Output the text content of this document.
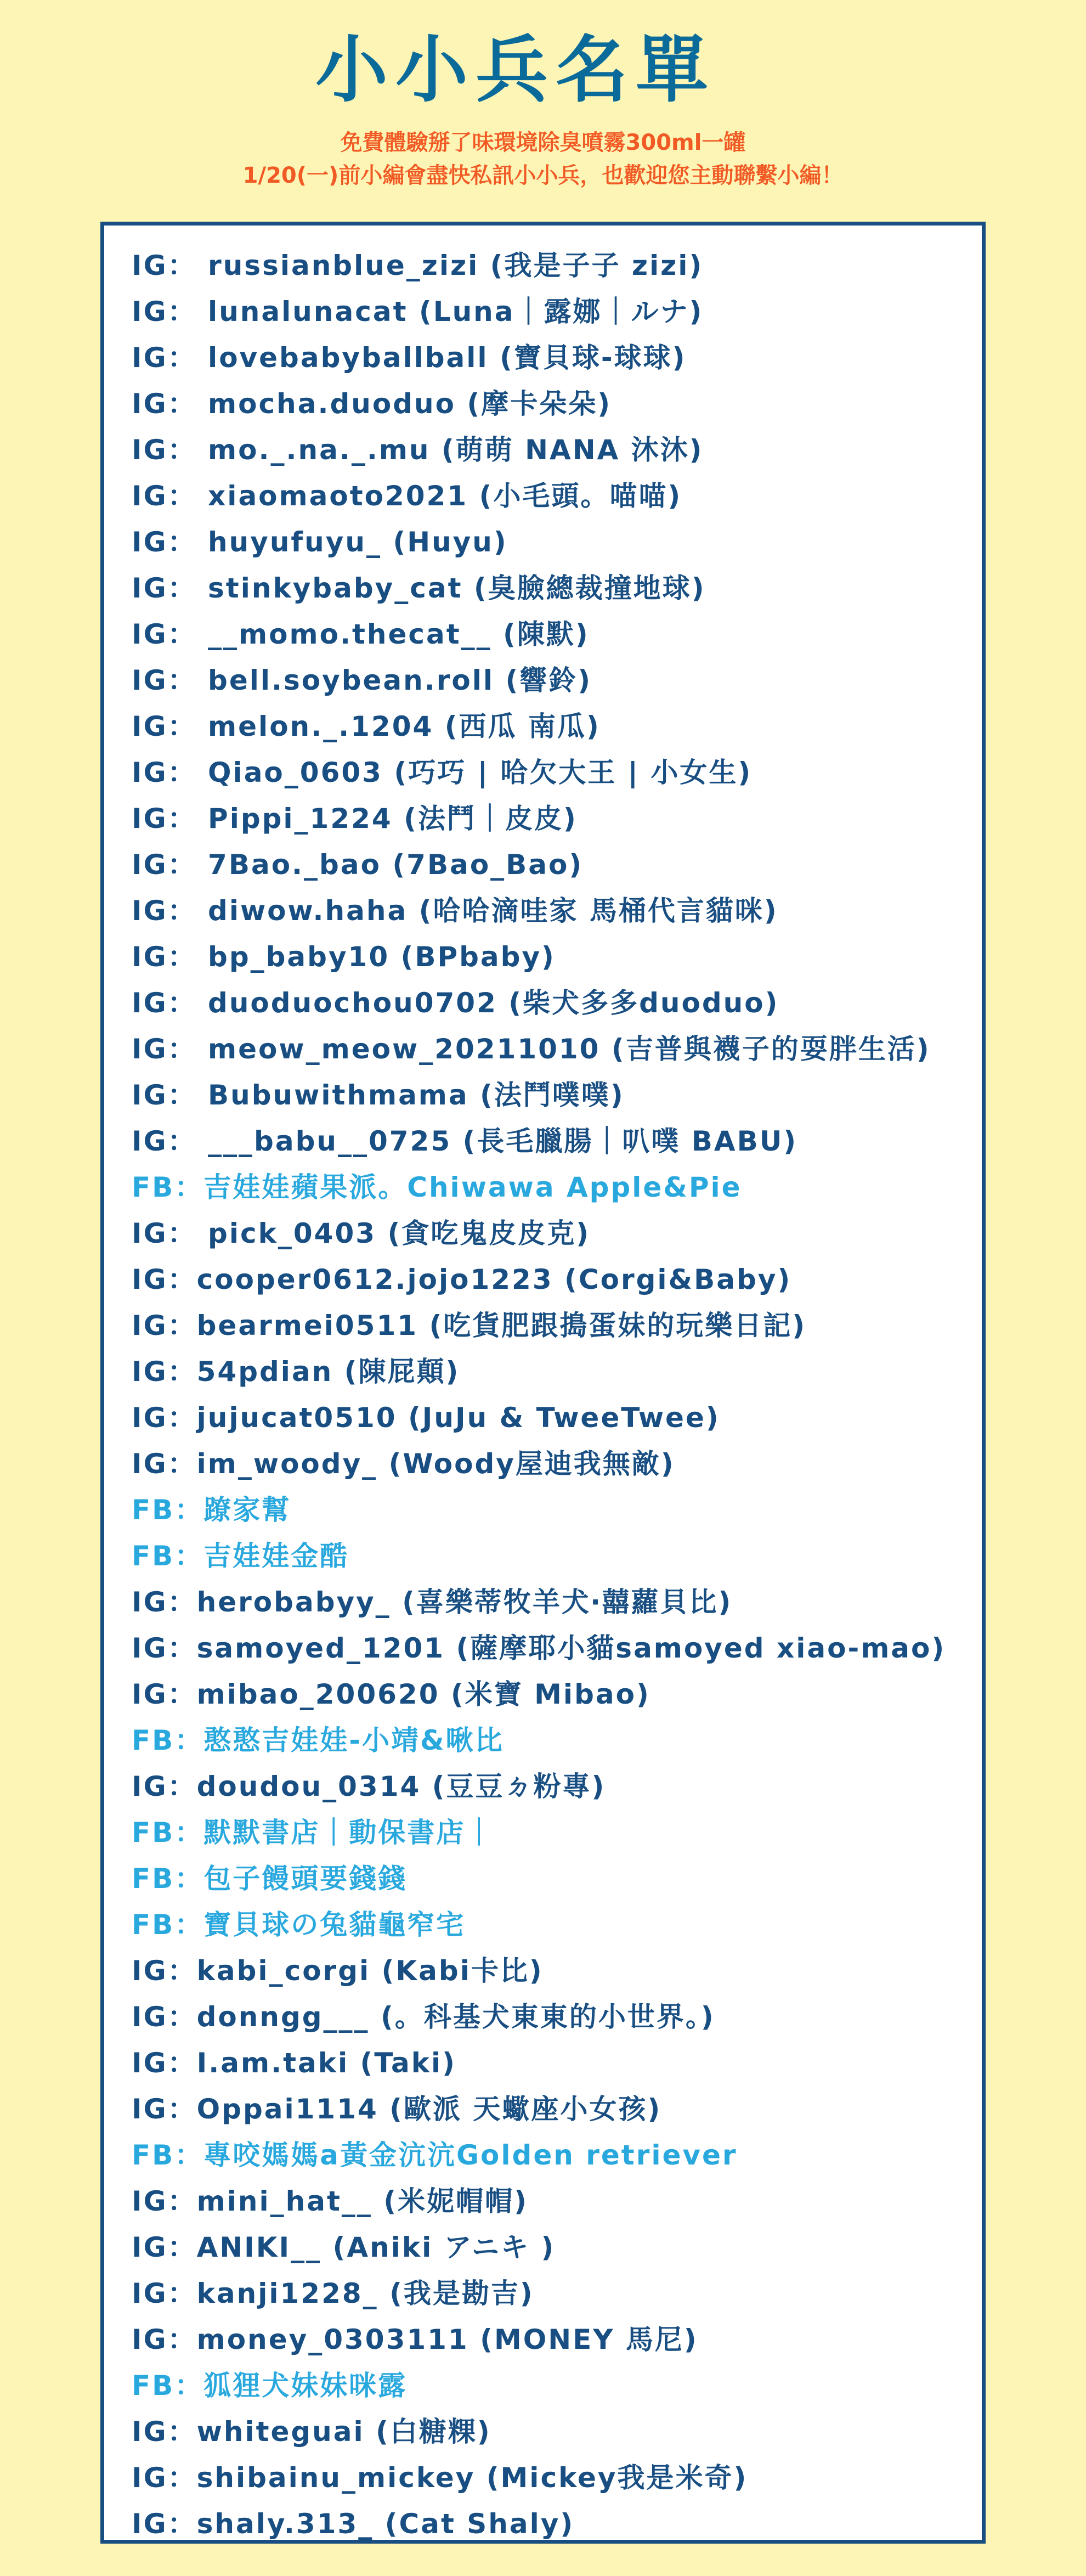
小小兵名單
免費體驗掰了味環境除臭噴霧300ml一罐
1/20(一)前小編會盡快私訊小小兵，也歡迎您主動聯繫小編！
IG： russianblue_zizi (我是子子 zizi)
IG： lunalunacat (Luna｜露娜｜ルナ)
IG： lovebabyballball (寶貝球-球球)
IG： mocha.duoduo (摩卡朵朵)
IG： mo._.na._.mu (萌萌 NANA 沐沐)
IG： xiaomaoto2021 (小毛頭。喵喵)
IG： huyufuyu_ (Huyu)
IG： stinkybaby_cat (臭臉總裁撞地球)
IG： __momo.thecat__ (陳默)
IG： bell.soybean.roll (響鈴)
IG： melon._.1204 (西瓜 南瓜)
IG： Qiao_0603 (巧巧 | 哈欠大王 | 小女生)
IG： Pippi_1224 (法鬥｜皮皮)
IG： 7Bao._bao (7Bao_Bao)
IG： diwow.haha (哈哈滴哇家 馬桶代言貓咪)
IG： bp_baby10 (BPbaby)
IG： duoduochou0702 (柴犬多多duoduo)
IG： meow_meow_20211010 (吉普與襪子的耍胖生活)
IG： Bubuwithmama (法鬥噗噗)
IG： ___babu__0725 (長毛臘腸｜叭噗 BABU)
FB：吉娃娃蘋果派。Chiwawa Apple&Pie
IG： pick_0403 (貪吃鬼皮皮克)
IG：cooper0612.jojo1223 (Corgi&Baby)
IG：bearmei0511 (吃貨肥跟搗蛋妹的玩樂日記)
IG：54pdian (陳屁顛)
IG：jujucat0510 (JuJu & TweeTwee)
IG：im_woody_ (Woody屋迪我無敵)
FB：蹽家幫
FB：吉娃娃金酷
IG：herobabyy_ (喜樂蒂牧羊犬‧囍蘿貝比)
IG：samoyed_1201 (薩摩耶小貓samoyed xiao-mao)
IG：mibao_200620 (米寶 Mibao)
FB：憨憨吉娃娃-小靖&啾比
IG：doudou_0314 (豆豆ㄉ粉專)
FB：默默書店｜動保書店｜
FB：包子饅頭要錢錢
FB：寶貝球の兔貓龜窄宅
IG：kabi_corgi (Kabi卡比)
IG：donngg___ (。科基犬東東的小世界。)
IG：I.am.taki (Taki)
IG：Oppai1114 (歐派 天蠍座小女孩)
FB：專咬媽媽a黃金沆沆Golden retriever
IG：mini_hat__ (米妮帽帽)
IG：ANIKI__ (Aniki アニキ )
IG：kanji1228_ (我是勘吉)
IG：money_0303111 (MONEY 馬尼)
FB：狐狸犬妹妹咪露
IG：whiteguai (白糖粿)
IG：shibainu_mickey (Mickey我是米奇)
IG：shaly.313_ (Cat Shaly)
